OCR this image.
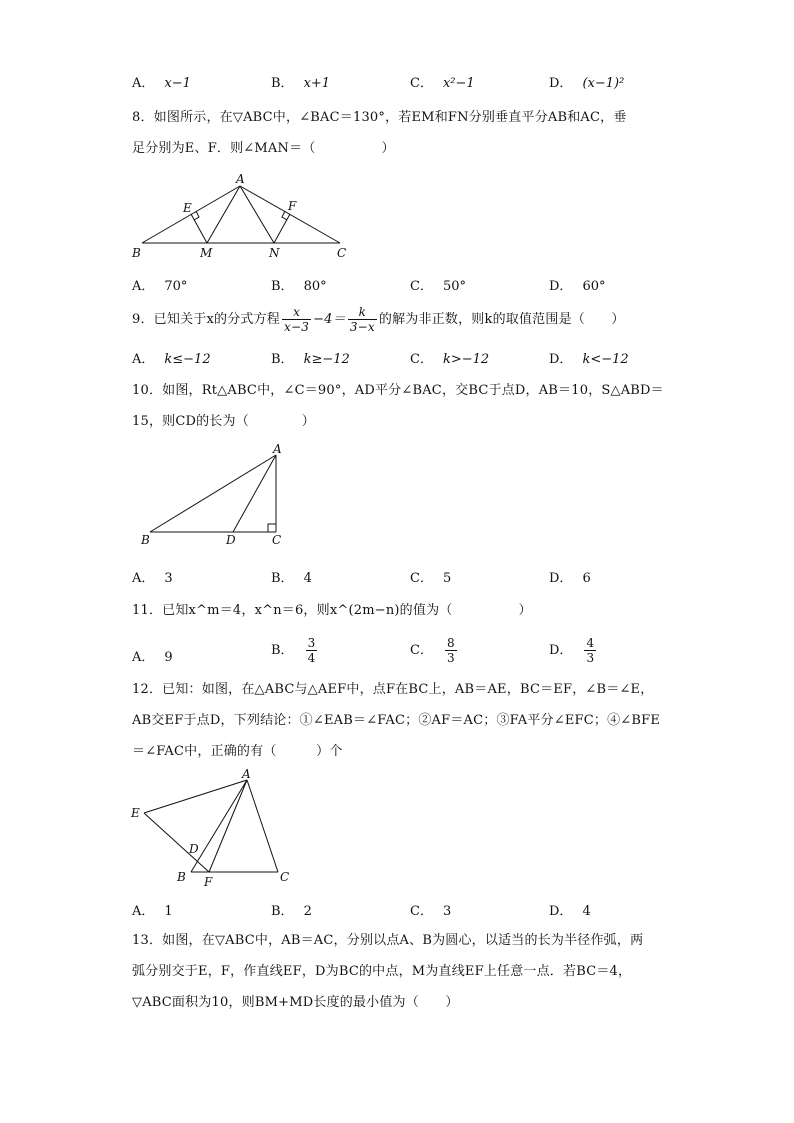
A． x−1	B． x+1	C． x²−1	D． (x−1)²
8．如图所示，在▽ABC中，∠BAC＝130°，若EM和FN分别垂直平分AB和AC，垂
足分别为E、F．则∠MAN＝（　　　　　）
A
B	C
E	F
M	N
A． 70°	B． 80°	C． 50°	D． 60°
9．已知关于x的分式方程 $\frac{x}{x-3} -4= \frac{k}{3-x}$ 的解为非正数，则k的取值范围是（　　）
A． k≤−12	B． k≥−12	C． k>−12	D． k<−12
10．如图，Rt△ABC中，∠C＝90°，AD平分∠BAC，交BC于点D，AB＝10，S△ABD＝
15，则CD的长为（　　　　）
A
B	C
D
A． 3	B． 4	C． 5	D． 6
11．已知x^m＝4，x^n＝6，则x^(2m−n)的值为（　　　　　）
A． 9	B． $\frac{3}{4}$	C． $\frac{8}{3}$	D． $\frac{4}{3}$
12．已知：如图，在△ABC与△AEF中，点F在BC上，AB＝AE，BC＝EF，∠B＝∠E，
AB交EF于点D，下列结论：①∠EAB＝∠FAC；②AF＝AC；③FA平分∠EFC；④∠BFE
＝∠FAC中，正确的有（　　　）个
A
B	C
D
E
F
A． 1	B． 2	C． 3	D． 4
13．如图，在▽ABC中，AB＝AC，分别以点A、B为圆心，以适当的长为半径作弧，两
弧分别交于E，F，作直线EF，D为BC的中点，M为直线EF上任意一点．若BC＝4，
▽ABC面积为10，则BM+MD长度的最小值为（　　）
